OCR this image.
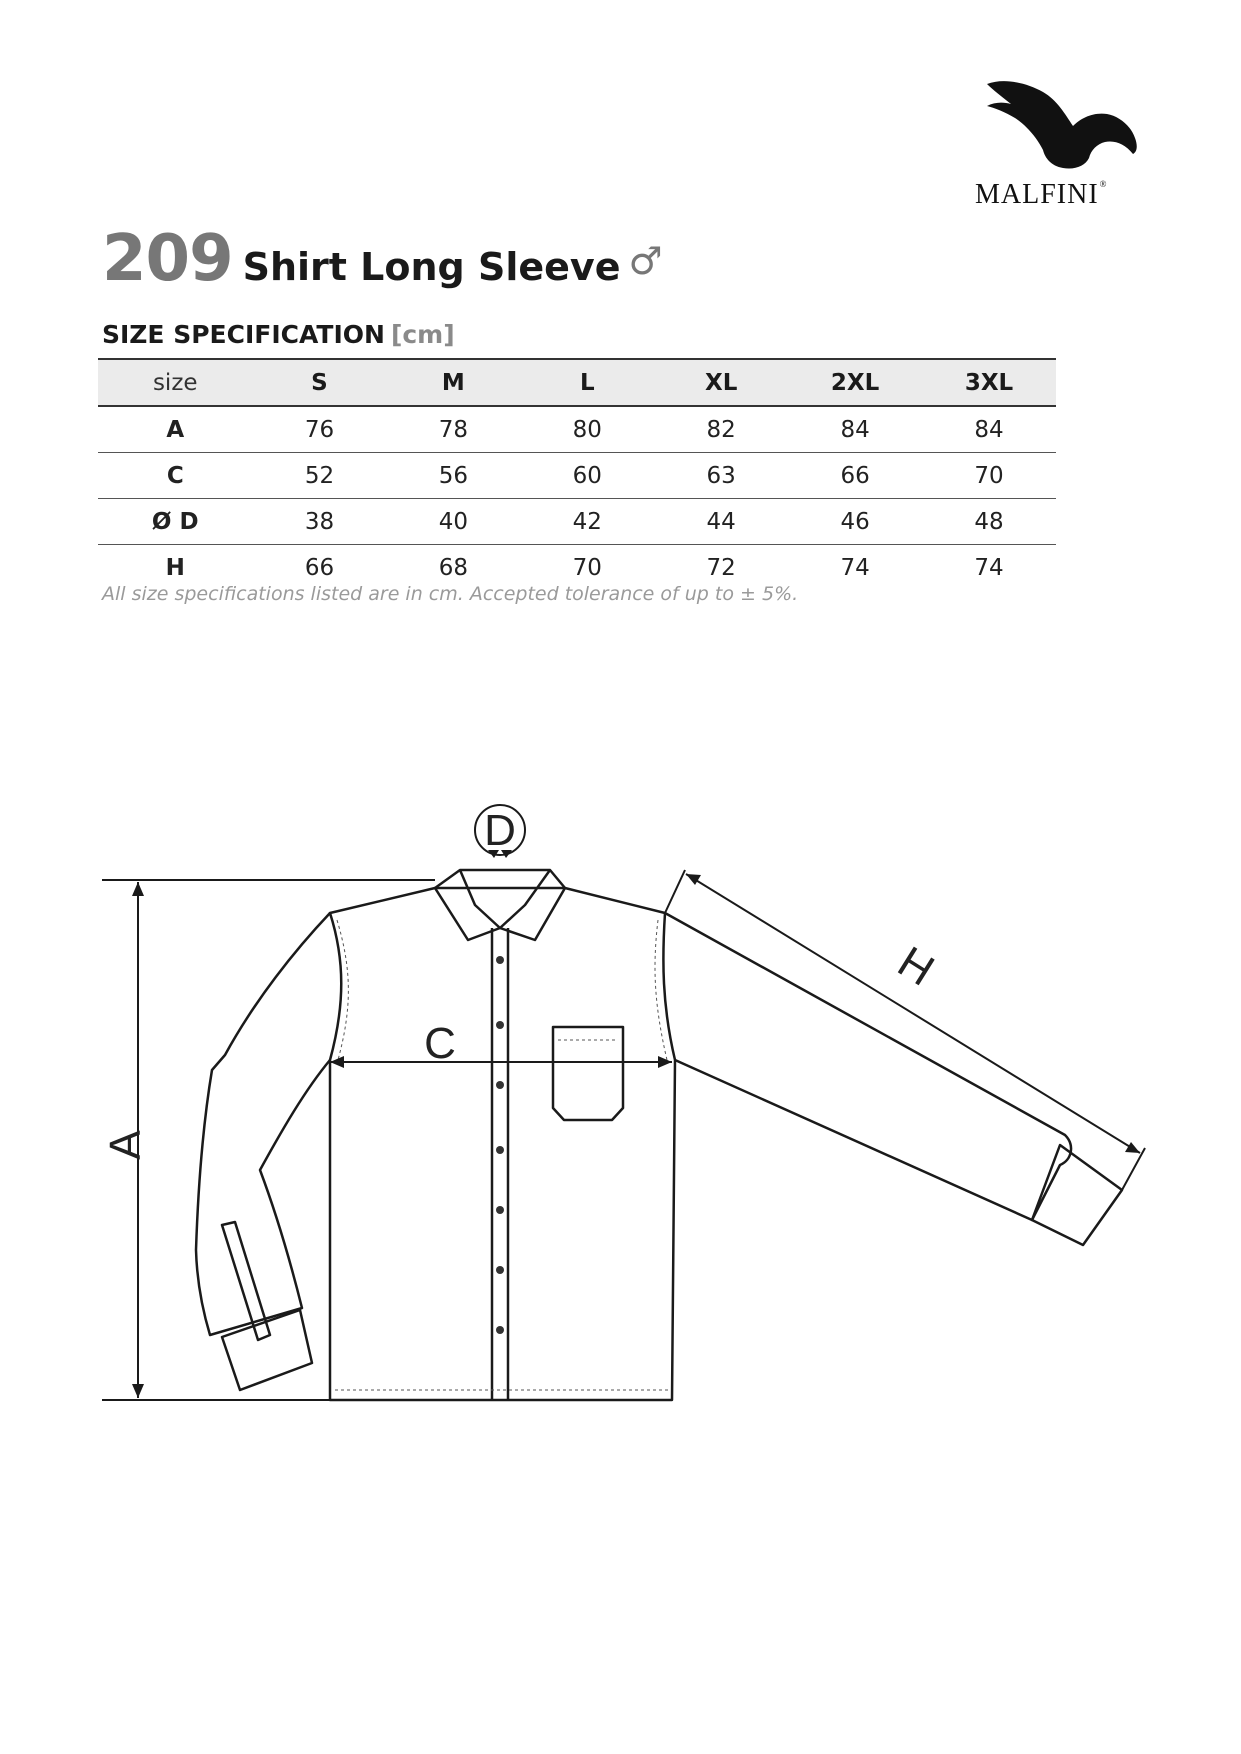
MALFINI®
209 Shirt Long Sleeve ♂
SIZE SPECIFICATION [cm]
size	S	M	L	XL	2XL	3XL
A	76	78	80	82	84	84
C	52	56	60	63	66	70
Ø D	38	40	42	44	46	48
H	66	68	70	72	74	74
All size specifications listed are in cm. Accepted tolerance of up to ± 5%.
A
C
D
H
